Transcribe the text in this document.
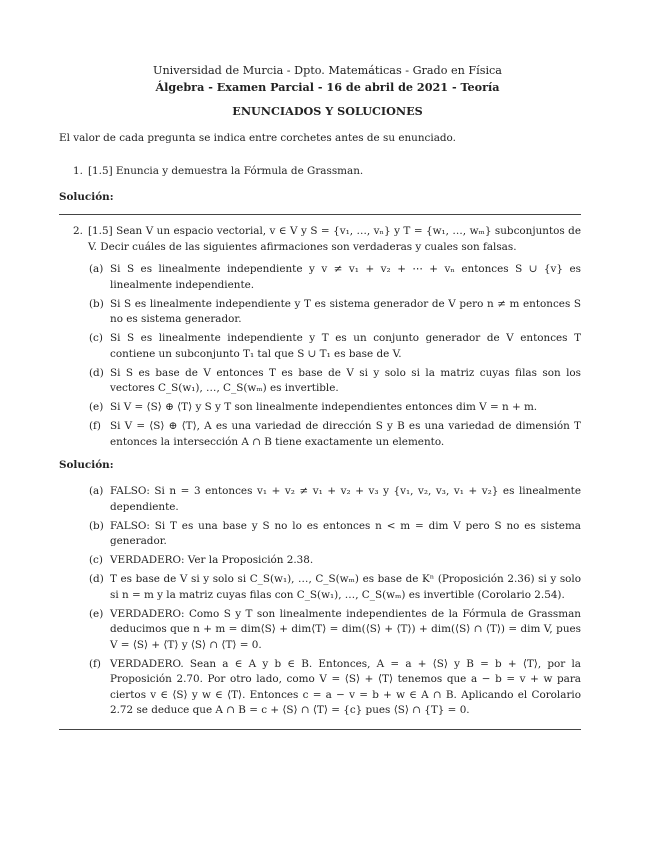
Universidad de Murcia - Dpto. Matemáticas - Grado en Física
Álgebra - Examen Parcial - 16 de abril de 2021 - Teoría
ENUNCIADOS Y SOLUCIONES
El valor de cada pregunta se indica entre corchetes antes de su enunciado.
1. [1.5] Enuncia y demuestra la Fórmula de Grassman.
Solución:
2. [1.5] Sean V un espacio vectorial, v ∈ V y S = {v₁, …, vₙ} y T = {w₁, …, wₘ} subconjuntos de V. Decir cuáles de las siguientes afirmaciones son verdaderas y cuales son falsas.
(a) Si S es linealmente independiente y v ≠ v₁ + v₂ + ⋯ + vₙ entonces S ∪ {v} es linealmente independiente.
(b) Si S es linealmente independiente y T es sistema generador de V pero n ≠ m entonces S no es sistema generador.
(c) Si S es linealmente independiente y T es un conjunto generador de V entonces T contiene un subconjunto T₁ tal que S ∪ T₁ es base de V.
(d) Si S es base de V entonces T es base de V si y solo si la matriz cuyas filas son los vectores C_S(w₁), …, C_S(wₘ) es invertible.
(e) Si V = ⟨S⟩ ⊕ ⟨T⟩ y S y T son linealmente independientes entonces dim V = n + m.
(f) Si V = ⟨S⟩ ⊕ ⟨T⟩, A es una variedad de dirección S y B es una variedad de dimensión T entonces la intersección A ∩ B tiene exactamente un elemento.
Solución:
(a) FALSO: Si n = 3 entonces v₁ + v₂ ≠ v₁ + v₂ + v₃ y {v₁, v₂, v₃, v₁ + v₂} es linealmente dependiente.
(b) FALSO: Si T es una base y S no lo es entonces n < m = dim V pero S no es sistema generador.
(c) VERDADERO: Ver la Proposición 2.38.
(d) T es base de V si y solo si C_S(w₁), …, C_S(wₘ) es base de Kⁿ (Proposición 2.36) si y solo si n = m y la matriz cuyas filas con C_S(w₁), …, C_S(wₘ) es invertible (Corolario 2.54).
(e) VERDADERO: Como S y T son linealmente independientes de la Fórmula de Grassman deducimos que n + m = dim⟨S⟩ + dim⟨T⟩ = dim(⟨S⟩ + ⟨T⟩) + dim(⟨S⟩ ∩ ⟨T⟩) = dim V, pues V = ⟨S⟩ + ⟨T⟩ y ⟨S⟩ ∩ ⟨T⟩ = 0.
(f) VERDADERO. Sean a ∈ A y b ∈ B. Entonces, A = a + ⟨S⟩ y B = b + ⟨T⟩, por la Proposición 2.70. Por otro lado, como V = ⟨S⟩ + ⟨T⟩ tenemos que a − b = v + w para ciertos v ∈ ⟨S⟩ y w ∈ ⟨T⟩. Entonces c = a − v = b + w ∈ A ∩ B. Aplicando el Corolario 2.72 se deduce que A ∩ B = c + ⟨S⟩ ∩ ⟨T⟩ = {c} pues ⟨S⟩ ∩ {T} = 0.
